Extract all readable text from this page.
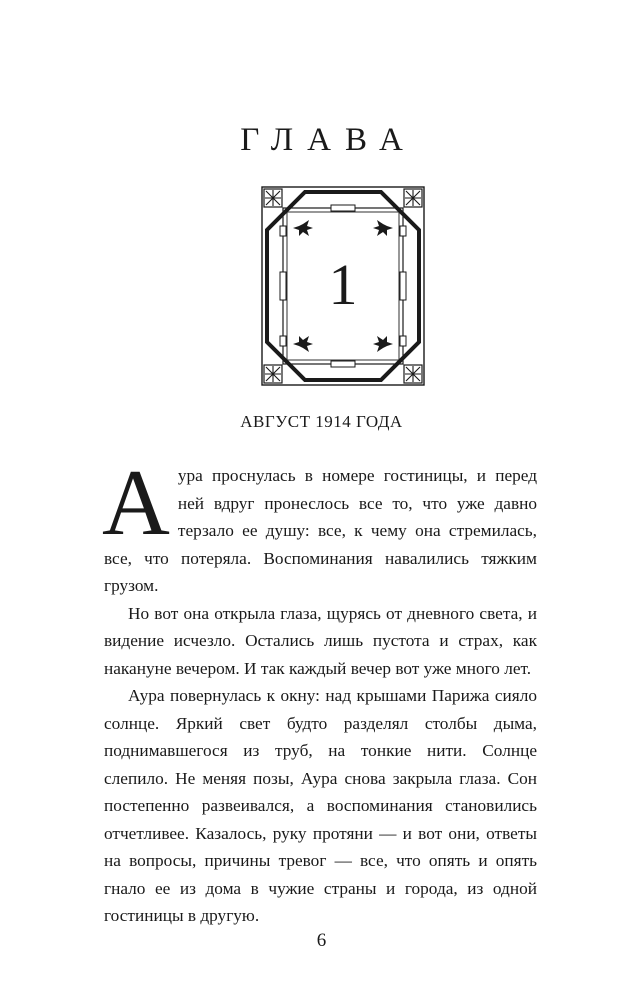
ГЛАВА
1
АВГУСТ 1914 ГОДА

Аура проснулась в номере гостиницы, и перед ней вдруг пронеслось все то, что уже давно терзало ее душу: все, к чему она стремилась, все, что потеряла. Воспоминания навалились тяжким грузом.

Но вот она открыла глаза, щурясь от дневного света, и видение исчезло. Остались лишь пустота и страх, как накануне вечером. И так каждый вечер вот уже много лет.

Аура повернулась к окну: над крышами Парижа сияло солнце. Яркий свет будто разделял столбы дыма, поднимавшегося из труб, на тонкие нити. Солнце слепило. Не меняя позы, Аура снова закрыла глаза. Сон постепенно развеивался, а воспоминания становились отчетливее. Казалось, руку протяни — и вот они, ответы на вопросы, причины тревог — все, что опять и опять гнало ее из дома в чужие страны и города, из одной гостиницы в другую.

6
